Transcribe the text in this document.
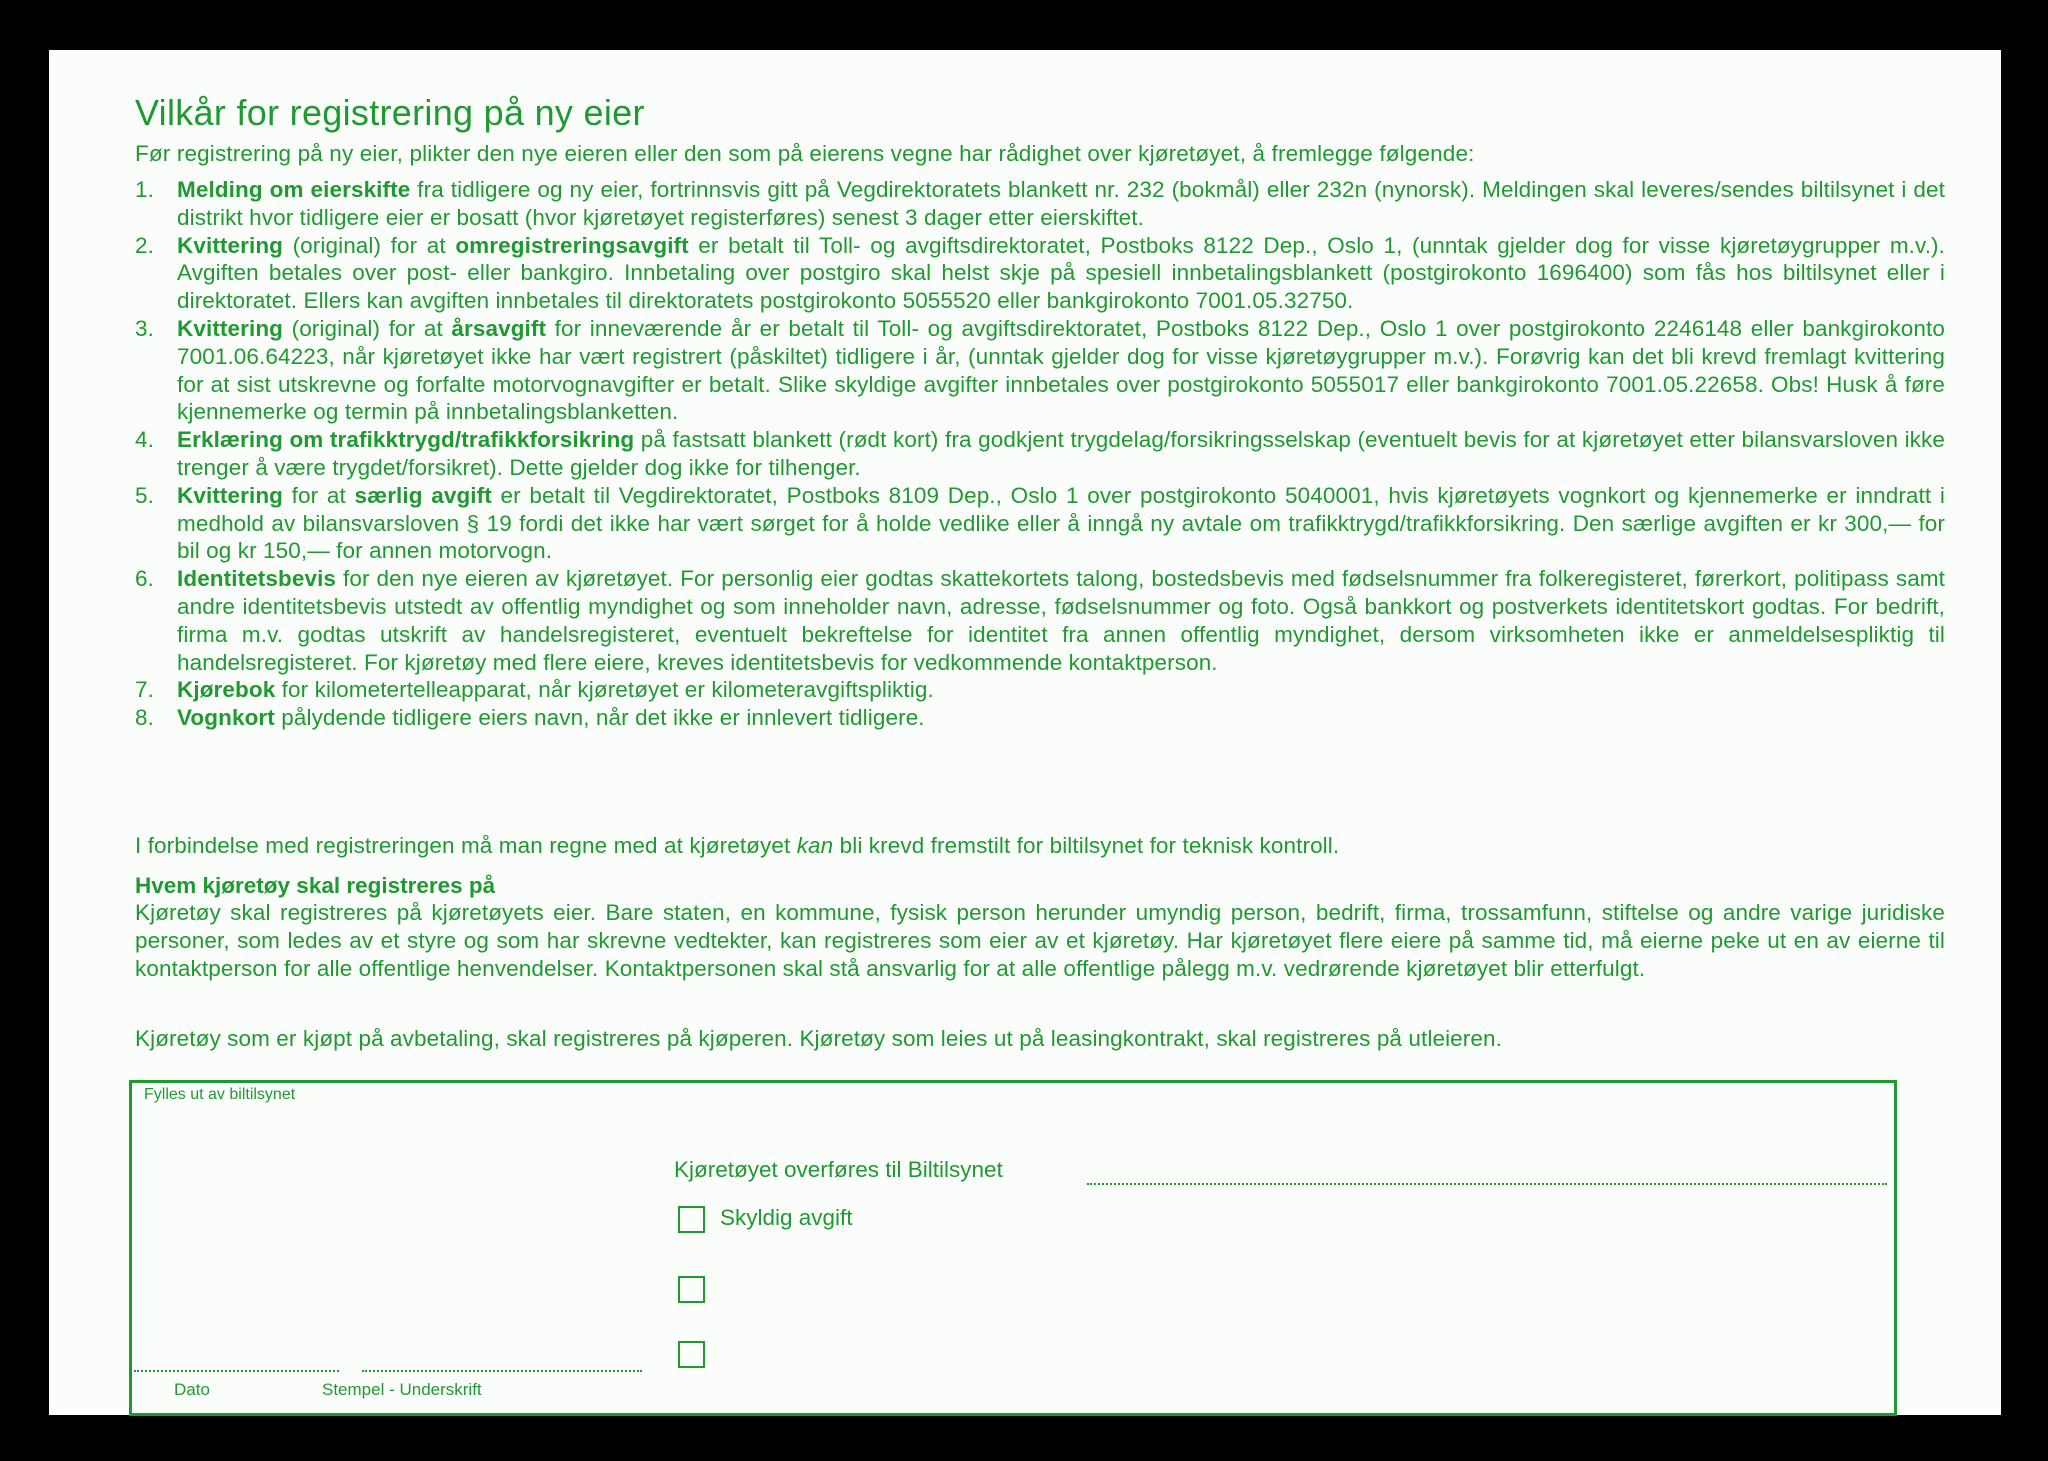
Vilkår for registrering på ny eier
Før registrering på ny eier, plikter den nye eieren eller den som på eierens vegne har rådighet over kjøretøyet, å fremlegge følgende:
1. Melding om eierskifte fra tidligere og ny eier, fortrinnsvis gitt på Vegdirektoratets blankett nr. 232 (bokmål) eller 232n (nynorsk). Meldingen skal leveres/sendes biltilsynet i det distrikt hvor tidligere eier er bosatt (hvor kjøretøyet registerføres) senest 3 dager etter eierskiftet.
2. Kvittering (original) for at omregistreringsavgift er betalt til Toll- og avgiftsdirektoratet, Postboks 8122 Dep., Oslo 1, (unntak gjelder dog for visse kjøretøygrupper m.v.). Avgiften betales over post- eller bankgiro. Innbetaling over postgiro skal helst skje på spesiell innbetalingsblankett (postgirokonto 1696400) som fås hos biltilsynet eller i direktoratet. Ellers kan avgiften innbetales til direktoratets postgirokonto 5055520 eller bankgirokonto 7001.05.32750.
3. Kvittering (original) for at årsavgift for inneværende år er betalt til Toll- og avgiftsdirektoratet, Postboks 8122 Dep., Oslo 1 over postgirokonto 2246148 eller bankgirokonto 7001.06.64223, når kjøretøyet ikke har vært registrert (påskiltet) tidligere i år, (unntak gjelder dog for visse kjøretøygrupper m.v.). Forøvrig kan det bli krevd fremlagt kvittering for at sist utskrevne og forfalte motorvognavgifter er betalt. Slike skyldige avgifter innbetales over postgirokonto 5055017 eller bankgirokonto 7001.05.22658. Obs! Husk å føre kjennemerke og termin på innbetalingsblanketten.
4. Erklæring om trafikktrygd/trafikkforsikring på fastsatt blankett (rødt kort) fra godkjent trygdelag/forsikringsselskap (eventuelt bevis for at kjøretøyet etter bilansvarsloven ikke trenger å være trygdet/forsikret). Dette gjelder dog ikke for tilhenger.
5. Kvittering for at særlig avgift er betalt til Vegdirektoratet, Postboks 8109 Dep., Oslo 1 over postgirokonto 5040001, hvis kjøretøyets vognkort og kjennemerke er inndratt i medhold av bilansvarsloven § 19 fordi det ikke har vært sørget for å holde vedlike eller å inngå ny avtale om trafikktrygd/trafikkforsikring. Den særlige avgiften er kr 300,— for bil og kr 150,— for annen motorvogn.
6. Identitetsbevis for den nye eieren av kjøretøyet. For personlig eier godtas skattekortets talong, bostedsbevis med fødselsnummer fra folkeregisteret, førerkort, politipass samt andre identitetsbevis utstedt av offentlig myndighet og som inneholder navn, adresse, fødselsnummer og foto. Også bankkort og postverkets identitetskort godtas. For bedrift, firma m.v. godtas utskrift av handelsregisteret, eventuelt bekreftelse for identitet fra annen offentlig myndighet, dersom virksomheten ikke er anmeldelsespliktig til handelsregisteret. For kjøretøy med flere eiere, kreves identitetsbevis for vedkommende kontaktperson.
7. Kjørebok for kilometertelleapparat, når kjøretøyet er kilometeravgiftspliktig.
8. Vognkort pålydende tidligere eiers navn, når det ikke er innlevert tidligere.
I forbindelse med registreringen må man regne med at kjøretøyet kan bli krevd fremstilt for biltilsynet for teknisk kontroll.
Hvem kjøretøy skal registreres på
Kjøretøy skal registreres på kjøretøyets eier. Bare staten, en kommune, fysisk person herunder umyndig person, bedrift, firma, trossamfunn, stiftelse og andre varige juridiske personer, som ledes av et styre og som har skrevne vedtekter, kan registreres som eier av et kjøretøy. Har kjøretøyet flere eiere på samme tid, må eierne peke ut en av eierne til kontaktperson for alle offentlige henvendelser. Kontaktpersonen skal stå ansvarlig for at alle offentlige pålegg m.v. vedrørende kjøretøyet blir etterfulgt.
Kjøretøy som er kjøpt på avbetaling, skal registreres på kjøperen. Kjøretøy som leies ut på leasingkontrakt, skal registreres på utleieren.
Fylles ut av biltilsynet
Kjøretøyet overføres til Biltilsynet
Skyldig avgift
Dato	Stempel - Underskrift
